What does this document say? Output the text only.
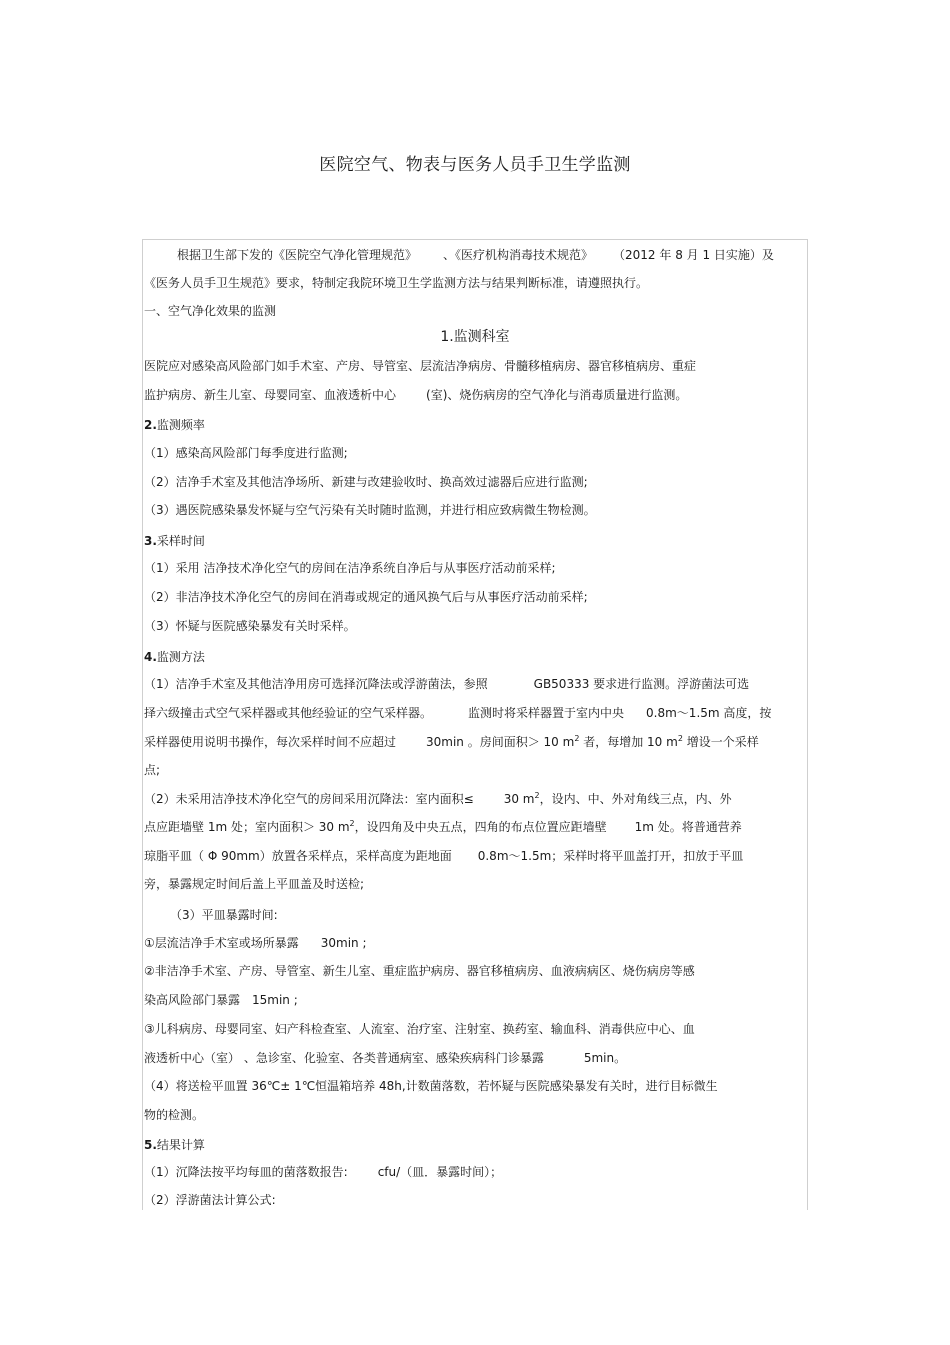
医院空气、物表与医务人员手卫生学监测
根据卫生部下发的《医院空气净化管理规范》 、《医疗机构消毒技术规范》 （2012 年 8 月 1 日实施）及
《医务人员手卫生规范》要求，特制定我院环境卫生学监测方法与结果判断标准，请遵照执行。
一、空气净化效果的监测
1.监测科室
医院应对感染高风险部门如手术室、产房、导管室、层流洁净病房、骨髓移植病房、器官移植病房、重症
监护病房、新生儿室、母婴同室、血液透析中心	(室)、烧伤病房的空气净化与消毒质量进行监测。
2.监测频率
（1）感染高风险部门每季度进行监测;
（2）洁净手术室及其他洁净场所、新建与改建验收时、换高效过滤器后应进行监测;
（3）遇医院感染暴发怀疑与空气污染有关时随时监测，并进行相应致病微生物检测。
3.采样时间
（1）采用 洁净技术净化空气的房间在洁净系统自净后与从事医疗活动前采样;
（2）非洁净技术净化空气的房间在消毒或规定的通风换气后与从事医疗活动前采样;
（3）怀疑与医院感染暴发有关时采样。
4.监测方法
（1）洁净手术室及其他洁净用房可选择沉降法或浮游菌法，参照	GB50333 要求进行监测。浮游菌法可选
择六级撞击式空气采样器或其他经验证的空气采样器。	监测时将采样器置于室内中央 0.8m～1.5m 高度，按
采样器使用说明书操作，每次采样时间不应超过	30min 。房间面积＞ 10 $m^2$ 者，每增加 10 $m^2$ 增设一个采样
点;
（2）未采用洁净技术净化空气的房间采用沉降法：室内面积≤	30 $m^2$，设内、中、外对角线三点，内、外
点应距墙壁 1m 处；室内面积＞ 30 $m^2$，设四角及中央五点，四角的布点位置应距墙壁 1m 处。将普通营养
琼脂平皿（ Φ 90mm）放置各采样点，采样高度为距地面 0.8m～1.5m；采样时将平皿盖打开，扣放于平皿
旁，暴露规定时间后盖上平皿盖及时送检;
（3）平皿暴露时间:
①层流洁净手术室或场所暴露 30min ;
②非洁净手术室、产房、导管室、新生儿室、重症监护病房、器官移植病房、血液病病区、烧伤病房等感
染高风险部门暴露 15min ;
③儿科病房、母婴同室、妇产科检查室、人流室、治疗室、注射室、换药室、输血科、消毒供应中心、血
液透析中心（室） 、急诊室、化验室、各类普通病室、感染疾病科门诊暴露	5min。
（4）将送检平皿置 36℃± 1℃恒温箱培养 48h,计数菌落数，若怀疑与医院感染暴发有关时，进行目标微生
物的检测。
5.结果计算
（1）沉降法按平均每皿的菌落数报告:	cfu/（皿．暴露时间）；
（2）浮游菌法计算公式:
